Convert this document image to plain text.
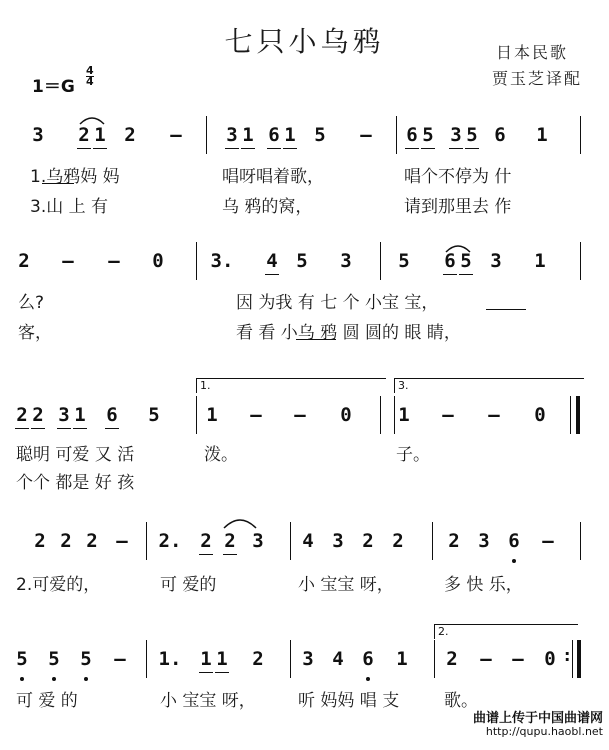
七只小乌鸦	日本民歌
贾玉芝译配
1＝G
4
4
3 2 1 2 – 3 1 6 1 5 – 6 5 3 5 6 1
1.乌鸦妈 妈	唱呀唱着歌，	唱个不停为 什
3.山 上 有	乌 鸦的窝，	请到那里去 作
2 – – 0 3. 4 5 3 5 6 5 3 1
么?	因 为我 有 七 个 小宝 宝，
客，	看 看 小乌 鸦 圆 圆的 眼 睛，
1.	3.
2 2 3 1 6 5 1 – – 0 1 – – 0
聪明 可爱 又 活	泼。	子。
个个 都是 好 孩
2 2 2 – 2. 2 2 3 4 3 2 2 2 3 6 –
2.可爱的，	可 爱的	小 宝宝 呀，	多 快 乐，
2.
5 5 5 – 1. 1 1 2 3 4 6 1 2 – – 0 :
可 爱 的	小 宝宝 呀， 听 妈妈 唱 支	歌。
曲谱上传于中国曲谱网
http://qupu.haobl.net
